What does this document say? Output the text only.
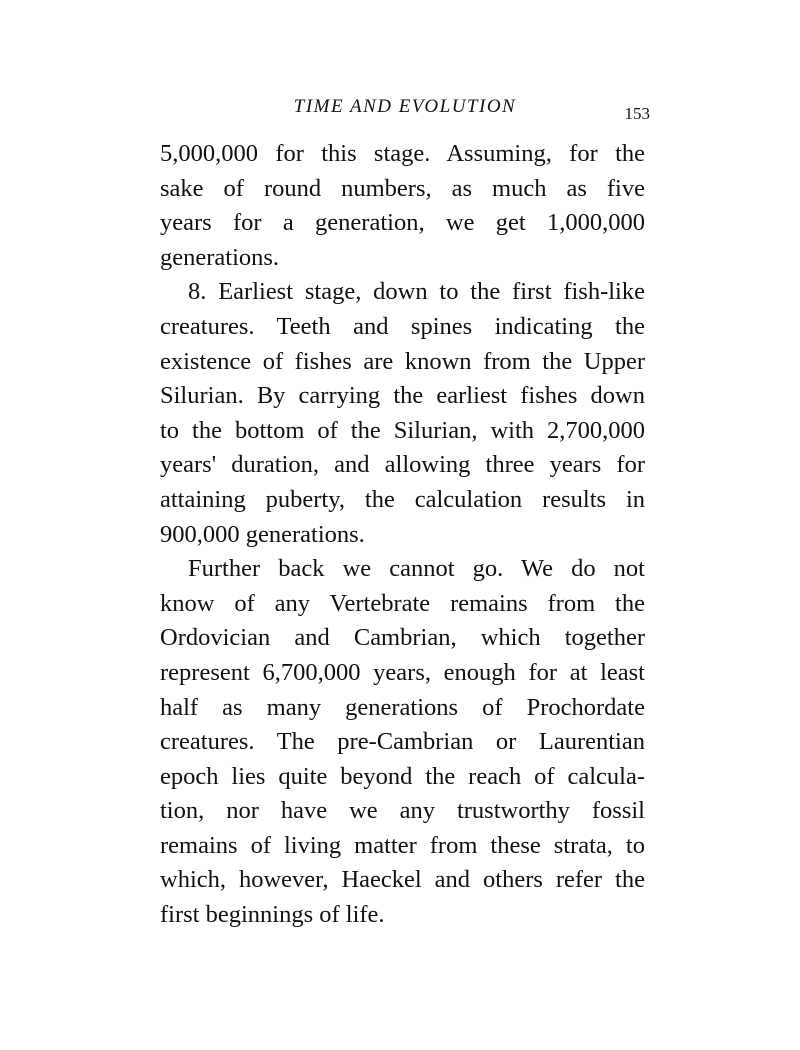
TIME AND EVOLUTION	153
5,000,000 for this stage. Assuming, for the
sake of round numbers, as much as five
years for a generation, we get 1,000,000
generations.
8. Earliest stage, down to the first fish-like
creatures. Teeth and spines indicating the
existence of fishes are known from the Upper
Silurian. By carrying the earliest fishes down
to the bottom of the Silurian, with 2,700,000
years' duration, and allowing three years for
attaining puberty, the calculation results in
900,000 generations.
Further back we cannot go. We do not
know of any Vertebrate remains from the
Ordovician and Cambrian, which together
represent 6,700,000 years, enough for at least
half as many generations of Prochordate
creatures. The pre-Cambrian or Laurentian
epoch lies quite beyond the reach of calcula-
tion, nor have we any trustworthy fossil
remains of living matter from these strata, to
which, however, Haeckel and others refer the
first beginnings of life.
